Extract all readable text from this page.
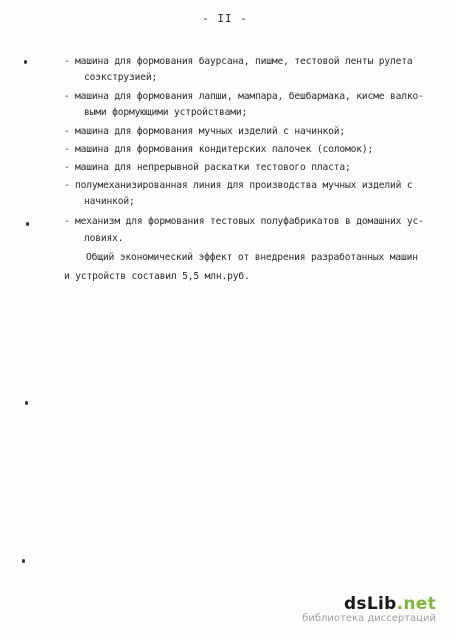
- II -
- машина для формования баурсана, пишме, тестовой ленты рулета
соэкструзией;
- машина для формования лапши, мампара, бешбармака, кисме валко-
выми формующими устройствами;
- машина для формования мучных изделий с начинкой;
- машина для формования кондитерских палочек (соломок);
- машина для непрерывной раскатки тестового пласта;
- полумеханизированная линия для производства мучных изделий с
начинкой;
- механизм для формования тестовых полуфабрикатов в домашних ус-
ловиях.
Общий экономический эффект от внедрения разработанных машин
и устройств составил 5,5 млн.руб.
dsLib.net
библиотека диссертаций
